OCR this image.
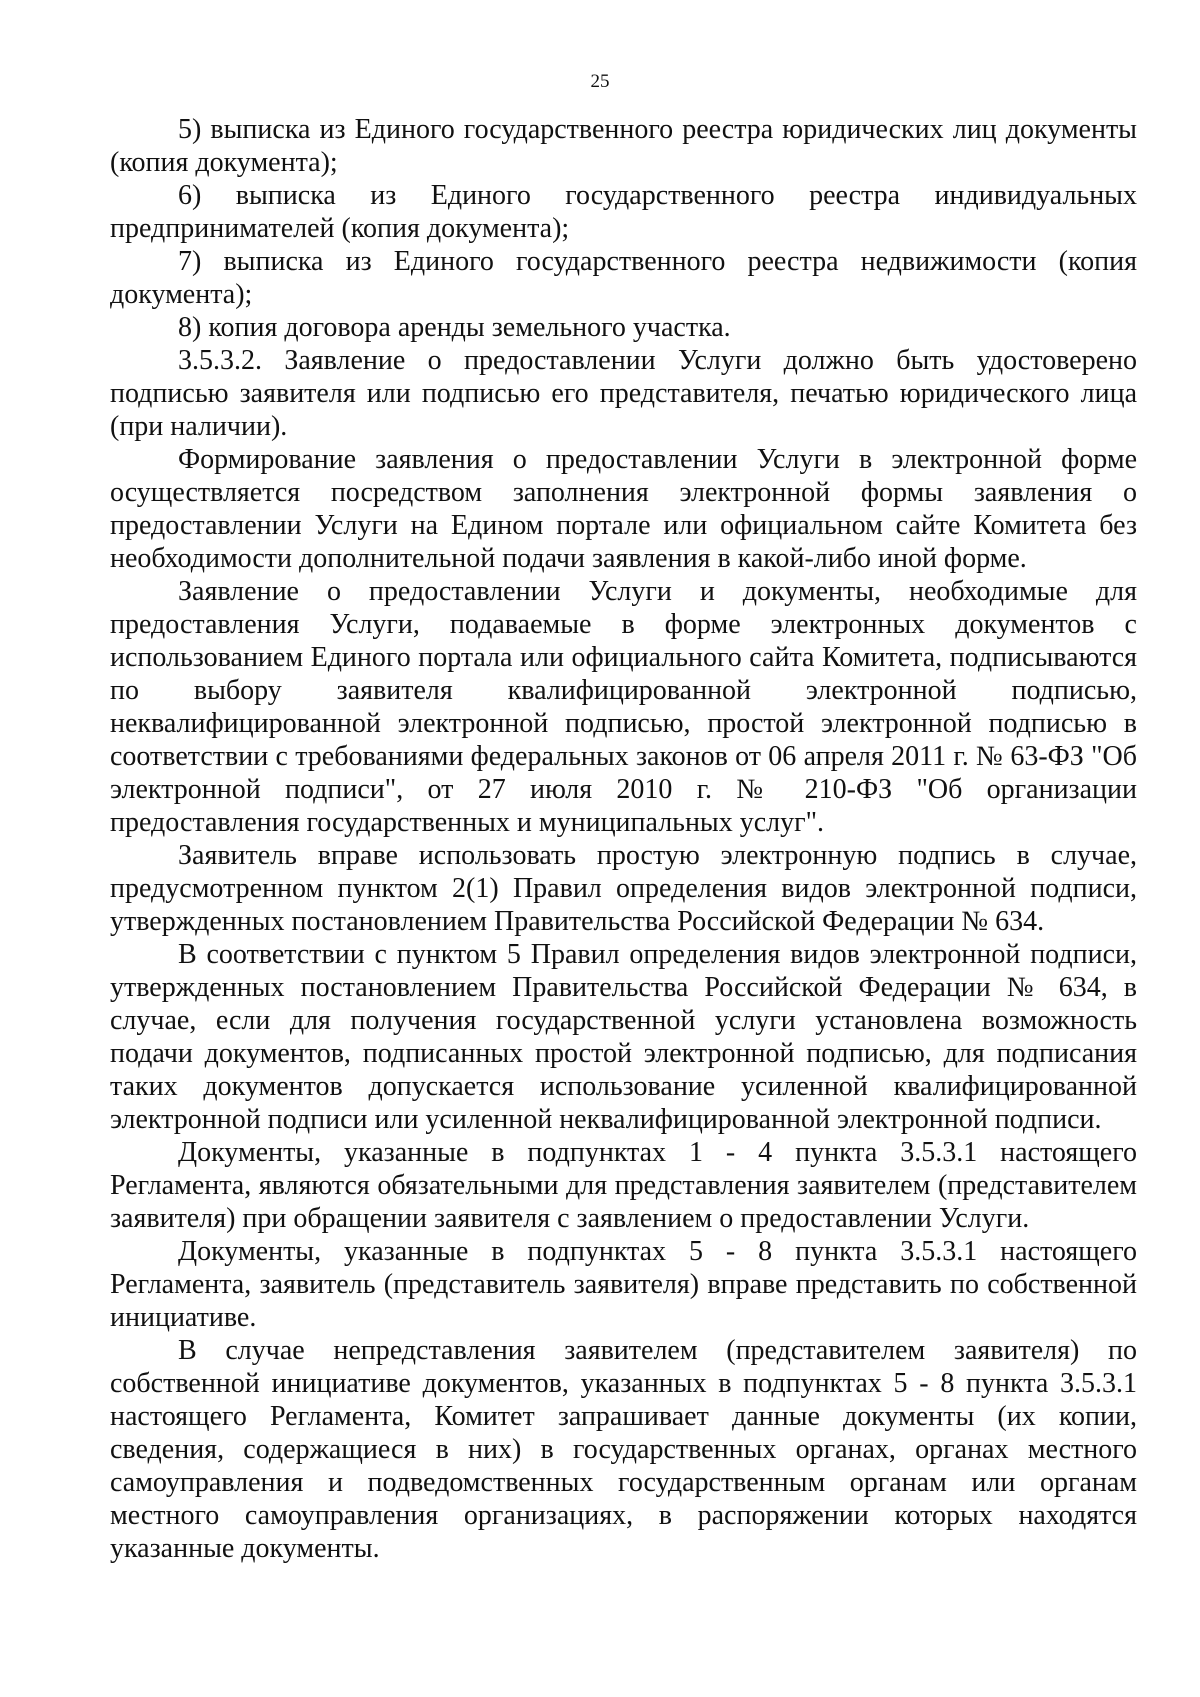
25

5) выписка из Единого государственного реестра юридических лиц документы (копия документа);

6) выписка из Единого государственного реестра индивидуальных предпринимателей (копия документа);

7) выписка из Единого государственного реестра недвижимости (копия документа);

8) копия договора аренды земельного участка.

3.5.3.2. Заявление о предоставлении Услуги должно быть удостоверено подписью заявителя или подписью его представителя, печатью юридического лица (при наличии).

Формирование заявления о предоставлении Услуги в электронной форме осуществляется посредством заполнения электронной формы заявления о предоставлении Услуги на Едином портале или официальном сайте Комитета без необходимости дополнительной подачи заявления в какой-либо иной форме.

Заявление о предоставлении Услуги и документы, необходимые для предоставления Услуги, подаваемые в форме электронных документов с использованием Единого портала или официального сайта Комитета, подписываются по выбору заявителя квалифицированной электронной подписью, неквалифицированной электронной подписью, простой электронной подписью в соответствии с требованиями федеральных законов от 06 апреля 2011 г. № 63-ФЗ "Об электронной подписи", от 27 июля 2010 г. № 210-ФЗ "Об организации предоставления государственных и муниципальных услуг".

Заявитель вправе использовать простую электронную подпись в случае, предусмотренном пунктом 2(1) Правил определения видов электронной подписи, утвержденных постановлением Правительства Российской Федерации № 634.

В соответствии с пунктом 5 Правил определения видов электронной подписи, утвержденных постановлением Правительства Российской Федерации № 634, в случае, если для получения государственной услуги установлена возможность подачи документов, подписанных простой электронной подписью, для подписания таких документов допускается использование усиленной квалифицированной электронной подписи или усиленной неквалифицированной электронной подписи.

Документы, указанные в подпунктах 1 - 4 пункта 3.5.3.1 настоящего Регламента, являются обязательными для представления заявителем (представителем заявителя) при обращении заявителя с заявлением о предоставлении Услуги.

Документы, указанные в подпунктах 5 - 8 пункта 3.5.3.1 настоящего Регламента, заявитель (представитель заявителя) вправе представить по собственной инициативе.

В случае непредставления заявителем (представителем заявителя) по собственной инициативе документов, указанных в подпунктах 5 - 8 пункта 3.5.3.1 настоящего Регламента, Комитет запрашивает данные документы (их копии, сведения, содержащиеся в них) в государственных органах, органах местного самоуправления и подведомственных государственным органам или органам местного самоуправления организациях, в распоряжении которых находятся указанные документы.
